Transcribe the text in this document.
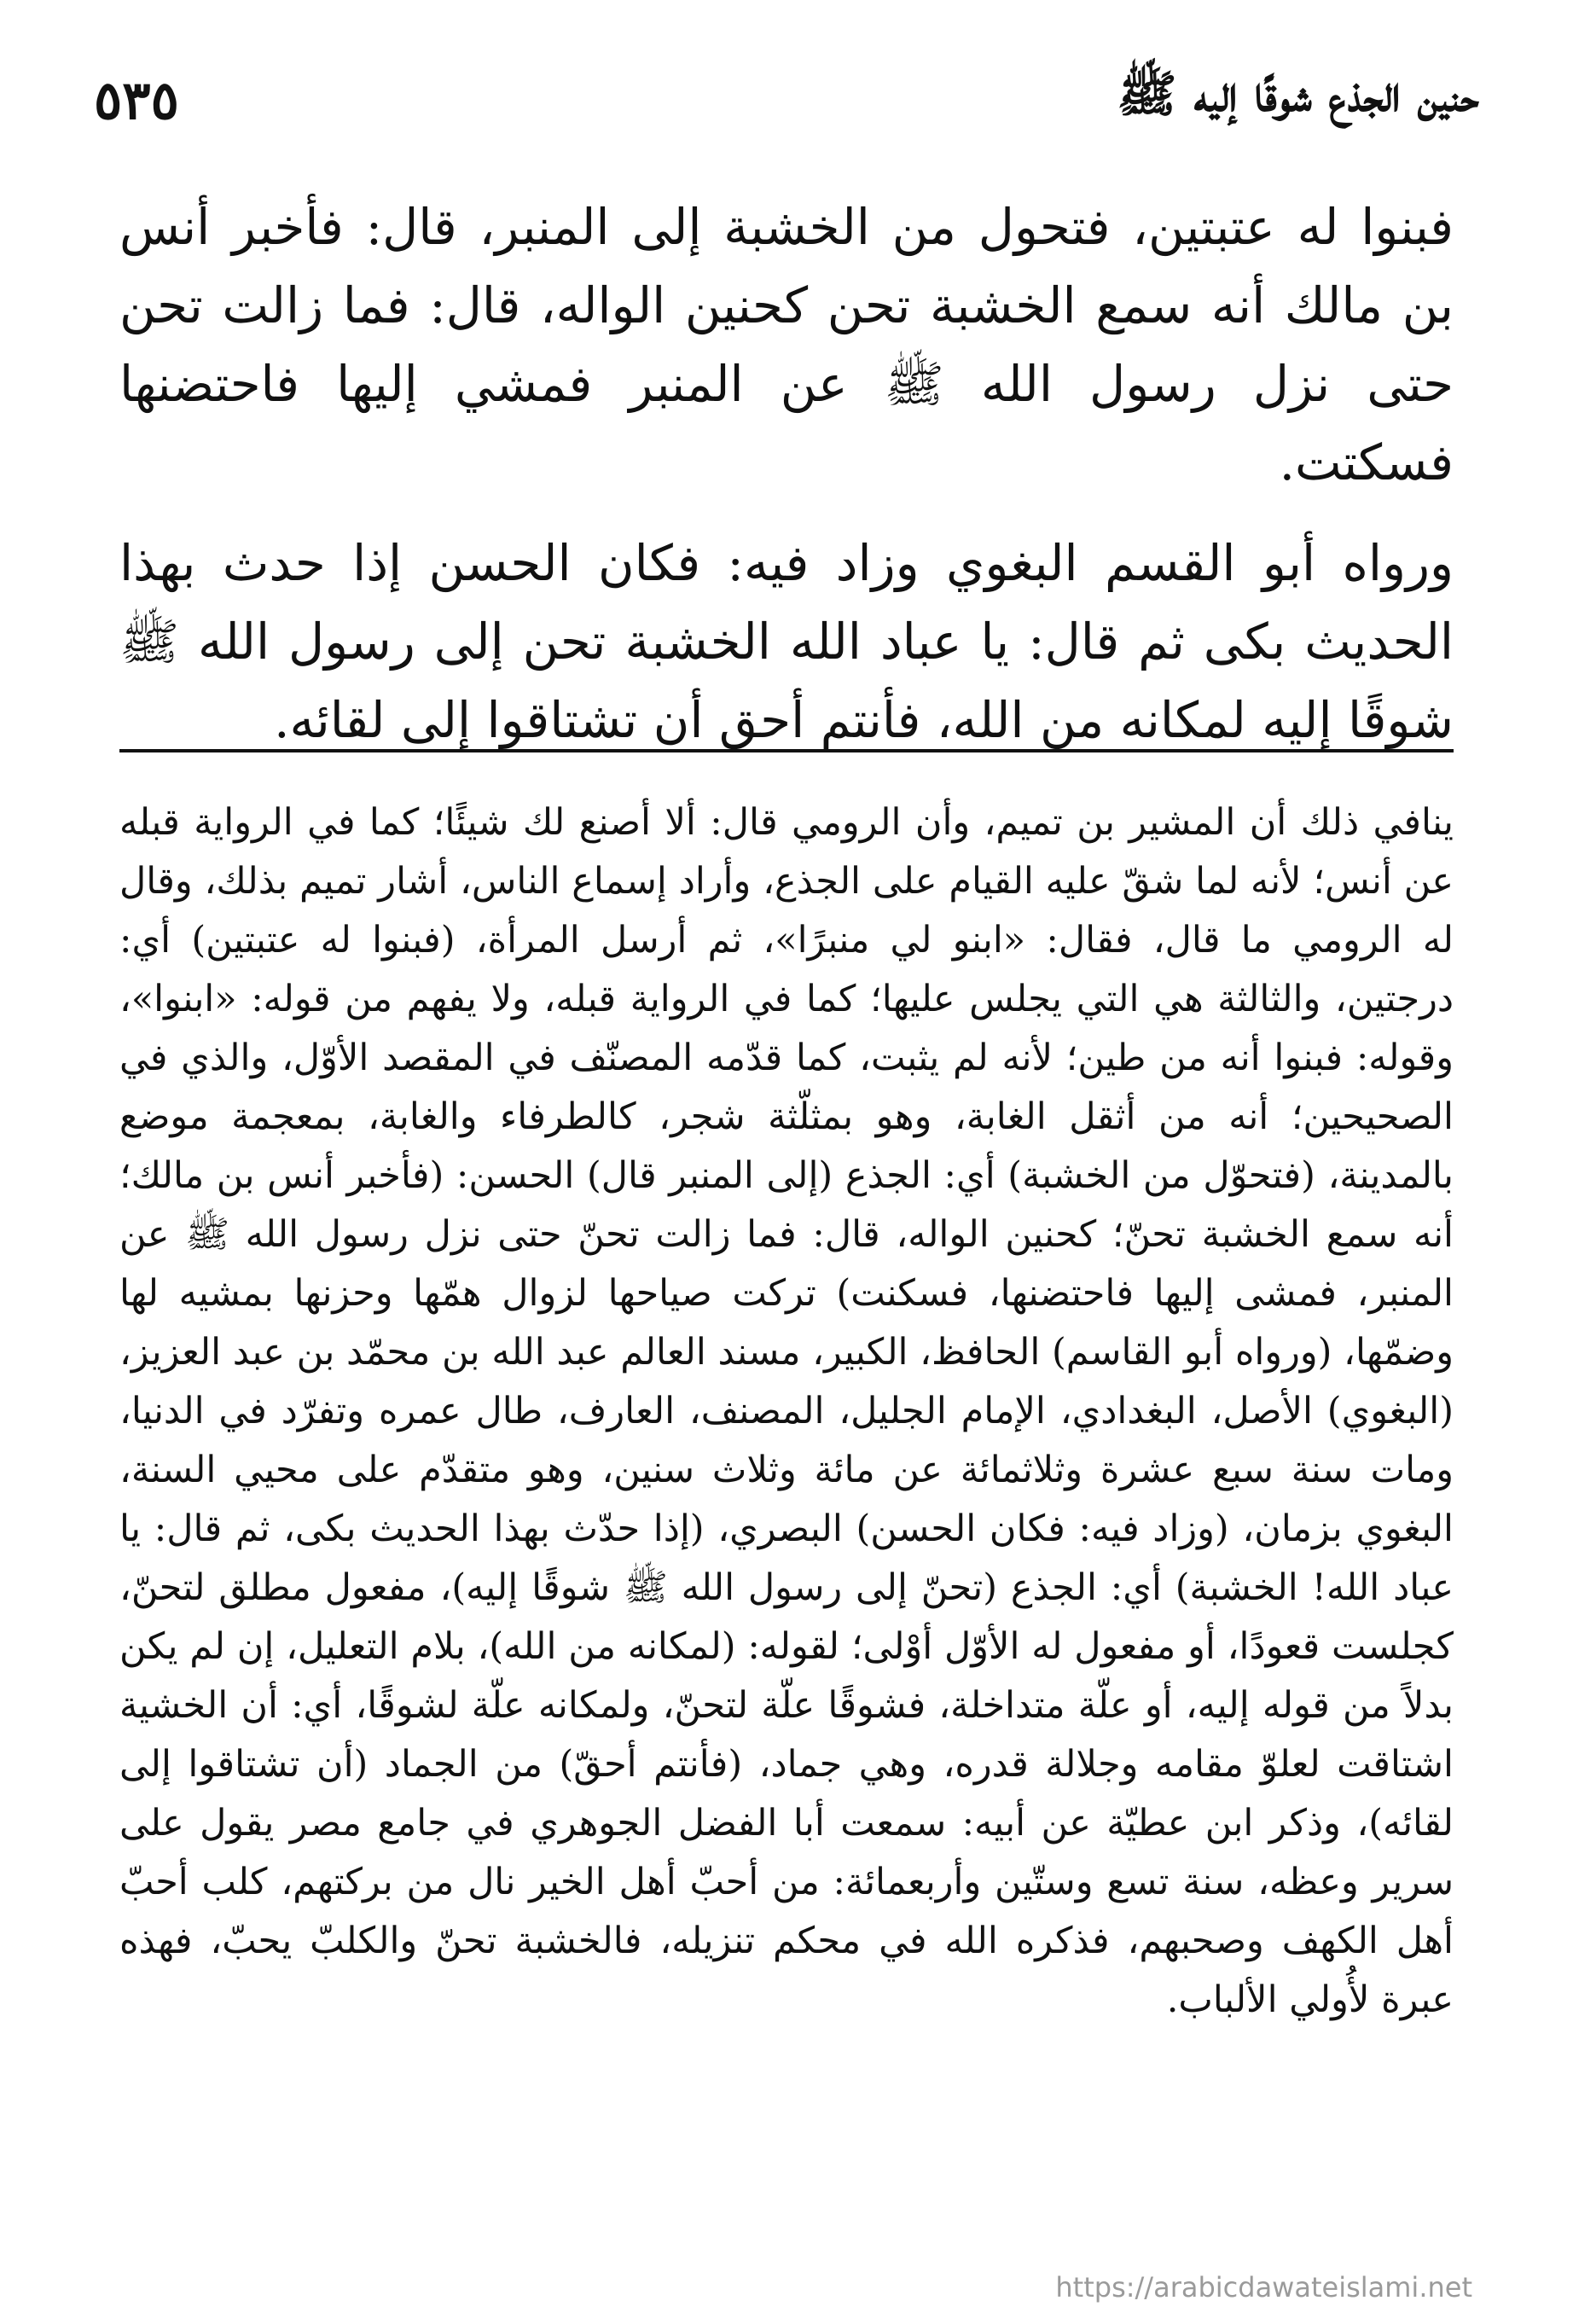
حنين الجذع شوقًا إليه ﷺ
٥٣٥

فبنوا له عتبتين، فتحول من الخشبة إلى المنبر، قال: فأخبر أنس بن مالك أنه سمع الخشبة تحن كحنين الواله، قال: فما زالت تحن حتى نزل رسول الله ﷺ عن المنبر فمشي إليها فاحتضنها فسكتت.

ورواه أبو القسم البغوي وزاد فيه: فكان الحسن إذا حدث بهذا الحديث بكى ثم قال: يا عباد الله الخشبة تحن إلى رسول الله ﷺ شوقًا إليه لمكانه من الله، فأنتم أحق أن تشتاقوا إلى لقائه.

ينافي ذلك أن المشير بن تميم، وأن الرومي قال: ألا أصنع لك شيئًا؛ كما في الرواية قبله عن أنس؛ لأنه لما شقّ عليه القيام على الجذع، وأراد إسماع الناس، أشار تميم بذلك، وقال له الرومي ما قال، فقال: «ابنو لي منبرًا»، ثم أرسل المرأة، (فبنوا له عتبتين) أي: درجتين، والثالثة هي التي يجلس عليها؛ كما في الرواية قبله، ولا يفهم من قوله: «ابنوا»، وقوله: فبنوا أنه من طين؛ لأنه لم يثبت، كما قدّمه المصنّف في المقصد الأوّل، والذي في الصحيحين؛ أنه من أثقل الغابة، وهو بمثلّثة شجر، كالطرفاء والغابة، بمعجمة موضع بالمدينة، (فتحوّل من الخشبة) أي: الجذع (إلى المنبر قال) الحسن: (فأخبر أنس بن مالك؛ أنه سمع الخشبة تحنّ؛ كحنين الواله، قال: فما زالت تحنّ حتى نزل رسول الله ﷺ عن المنبر، فمشى إليها فاحتضنها، فسكنت) تركت صياحها لزوال همّها وحزنها بمشيه لها وضمّها، (ورواه أبو القاسم) الحافظ، الكبير، مسند العالم عبد الله بن محمّد بن عبد العزيز، (البغوي) الأصل، البغدادي، الإمام الجليل، المصنف، العارف، طال عمره وتفرّد في الدنيا، ومات سنة سبع عشرة وثلاثمائة عن مائة وثلاث سنين، وهو متقدّم على محيي السنة، البغوي بزمان، (وزاد فيه: فكان الحسن) البصري، (إذا حدّث بهذا الحديث بكى، ثم قال: يا عباد الله! الخشبة) أي: الجذع (تحنّ إلى رسول الله ﷺ شوقًا إليه)، مفعول مطلق لتحنّ، كجلست قعودًا، أو مفعول له الأوّل أوْلى؛ لقوله: (لمكانه من الله)، بلام التعليل، إن لم يكن بدلاً من قوله إليه، أو علّة متداخلة، فشوقًا علّة لتحنّ، ولمكانه علّة لشوقًا، أي: أن الخشية اشتاقت لعلوّ مقامه وجلالة قدره، وهي جماد، (فأنتم أحقّ) من الجماد (أن تشتاقوا إلى لقائه)، وذكر ابن عطيّة عن أبيه: سمعت أبا الفضل الجوهري في جامع مصر يقول على سرير وعظه، سنة تسع وستّين وأربعمائة: من أحبّ أهل الخير نال من بركتهم، كلب أحبّ أهل الكهف وصحبهم، فذكره الله في محكم تنزيله، فالخشبة تحنّ والكلبّ يحبّ، فهذه عبرة لأُولي الألباب.

https://arabicdawateislami.net
